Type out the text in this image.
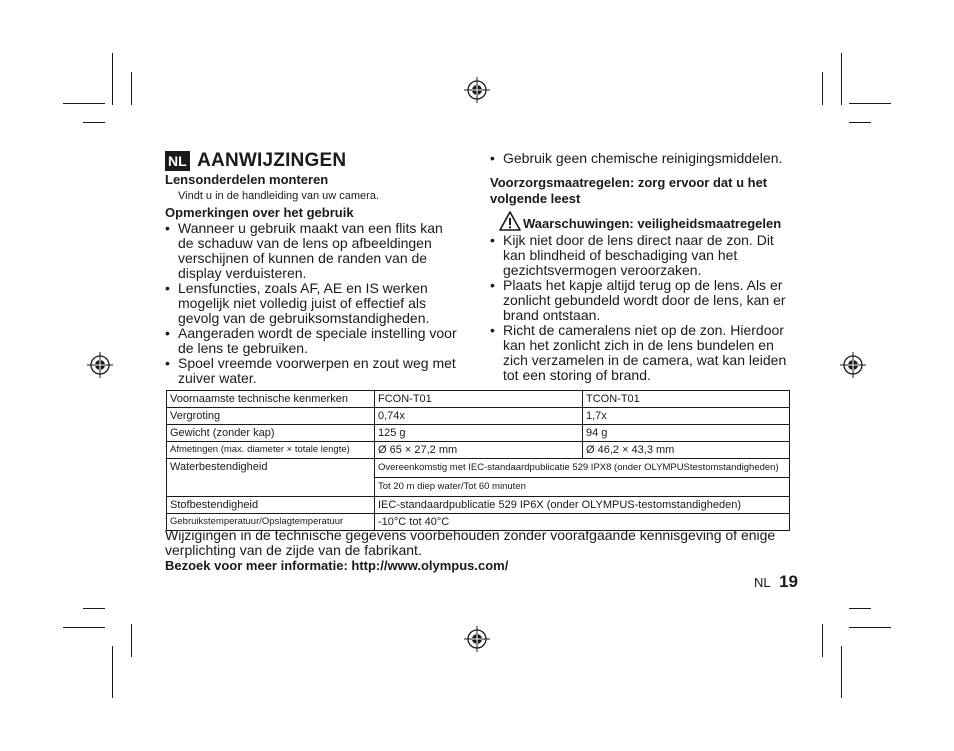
NL AANWIJZINGEN
Lensonderdelen monteren
Vindt u in de handleiding van uw camera.
Opmerkingen over het gebruik
• Wanneer u gebruik maakt van een flits kan de schaduw van de lens op afbeeldingen verschijnen of kunnen de randen van de display verduisteren.
• Lensfuncties, zoals AF, AE en IS werken mogelijk niet volledig juist of effectief als gevolg van de gebruiksomstandigheden.
• Aangeraden wordt de speciale instelling voor de lens te gebruiken.
• Spoel vreemde voorwerpen en zout weg met zuiver water.
• Gebruik geen chemische reinigingsmiddelen.
Voorzorgsmaatregelen: zorg ervoor dat u het volgende leest
Waarschuwingen: veiligheidsmaatregelen
• Kijk niet door de lens direct naar de zon. Dit kan blindheid of beschadiging van het gezichtsvermogen veroorzaken.
• Plaats het kapje altijd terug op de lens. Als er zonlicht gebundeld wordt door de lens, kan er brand ontstaan.
• Richt de cameralens niet op de zon. Hierdoor kan het zonlicht zich in de lens bundelen en zich verzamelen in de camera, wat kan leiden tot een storing of brand.
Voornaamste technische kenmerken	FCON-T01	TCON-T01
Vergroting	0,74x	1,7x
Gewicht (zonder kap)	125 g	94 g
Afmetingen (max. diameter × totale lengte)	Ø 65 × 27,2 mm	Ø 46,2 × 43,3 mm
Waterbestendigheid	Overeenkomstig met IEC-standaardpublicatie 529 IPX8 (onder OLYMPUStestomstandigheden)
Tot 20 m diep water/Tot 60 minuten	

Stofbestendigheid	IEC-standaardpublicatie 529 IP6X (onder OLYMPUS-testomstandigheden)	
Gebruikstemperatuur/Opslagtemperatuur	-10°C tot 40°C	
Wijzigingen in de technische gegevens voorbehouden zonder voorafgaande kennisgeving of enige verplichting van de zijde van de fabrikant.
Bezoek voor meer informatie: http://www.olympus.com/
NL 19
